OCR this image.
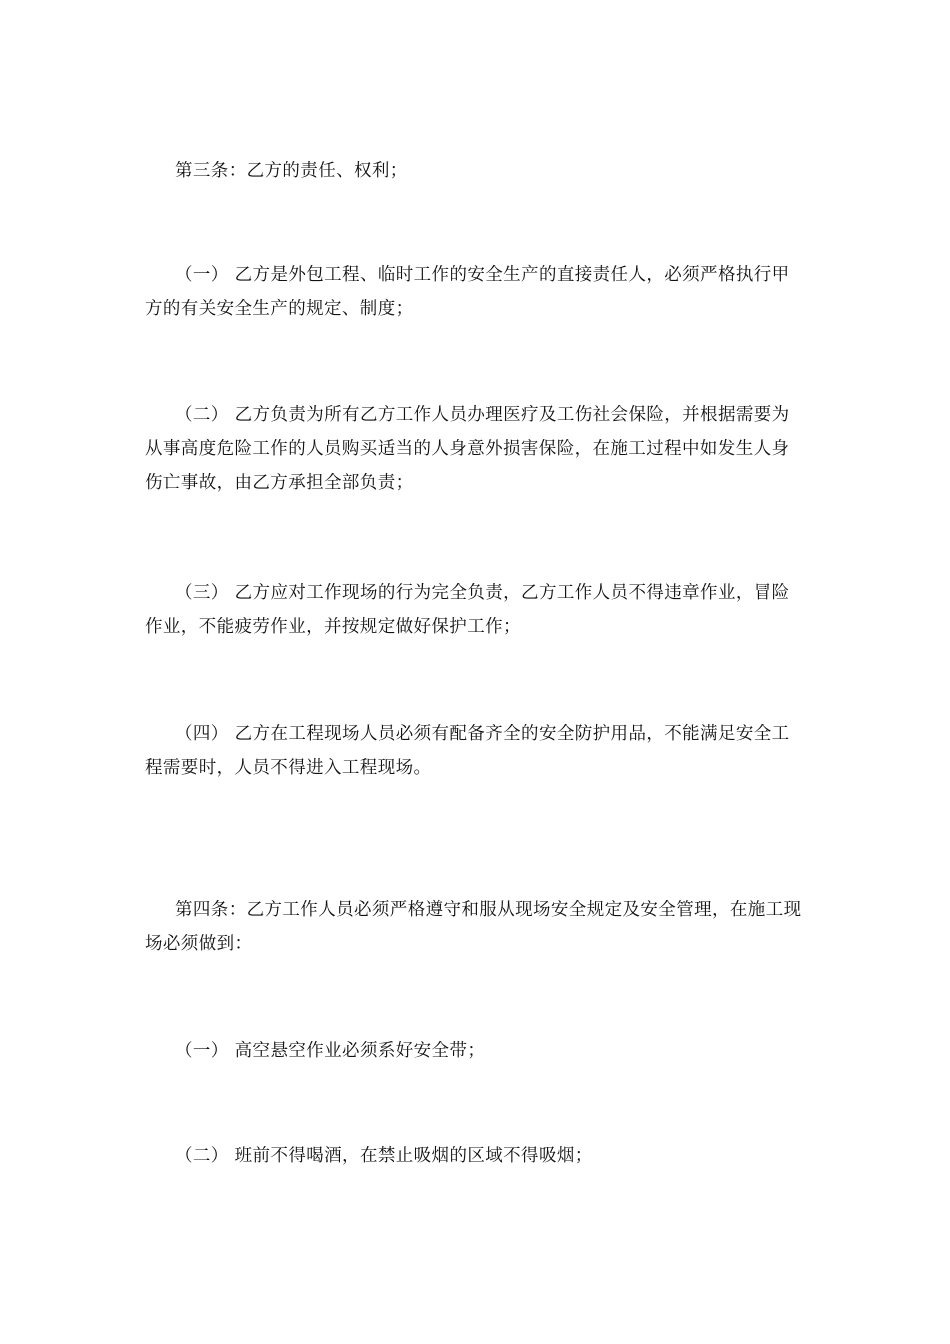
第三条：乙方的责任、权利；

（一） 乙方是外包工程、临时工作的安全生产的直接责任人，必须严格执行甲方的有关安全生产的规定、制度；

（二） 乙方负责为所有乙方工作人员办理医疗及工伤社会保险，并根据需要为从事高度危险工作的人员购买适当的人身意外损害保险，在施工过程中如发生人身伤亡事故，由乙方承担全部负责；

（三） 乙方应对工作现场的行为完全负责，乙方工作人员不得违章作业，冒险作业，不能疲劳作业，并按规定做好保护工作；

（四） 乙方在工程现场人员必须有配备齐全的安全防护用品，不能满足安全工程需要时，人员不得进入工程现场。

第四条：乙方工作人员必须严格遵守和服从现场安全规定及安全管理，在施工现场必须做到：

（一） 高空悬空作业必须系好安全带；

（二） 班前不得喝酒，在禁止吸烟的区域不得吸烟；
